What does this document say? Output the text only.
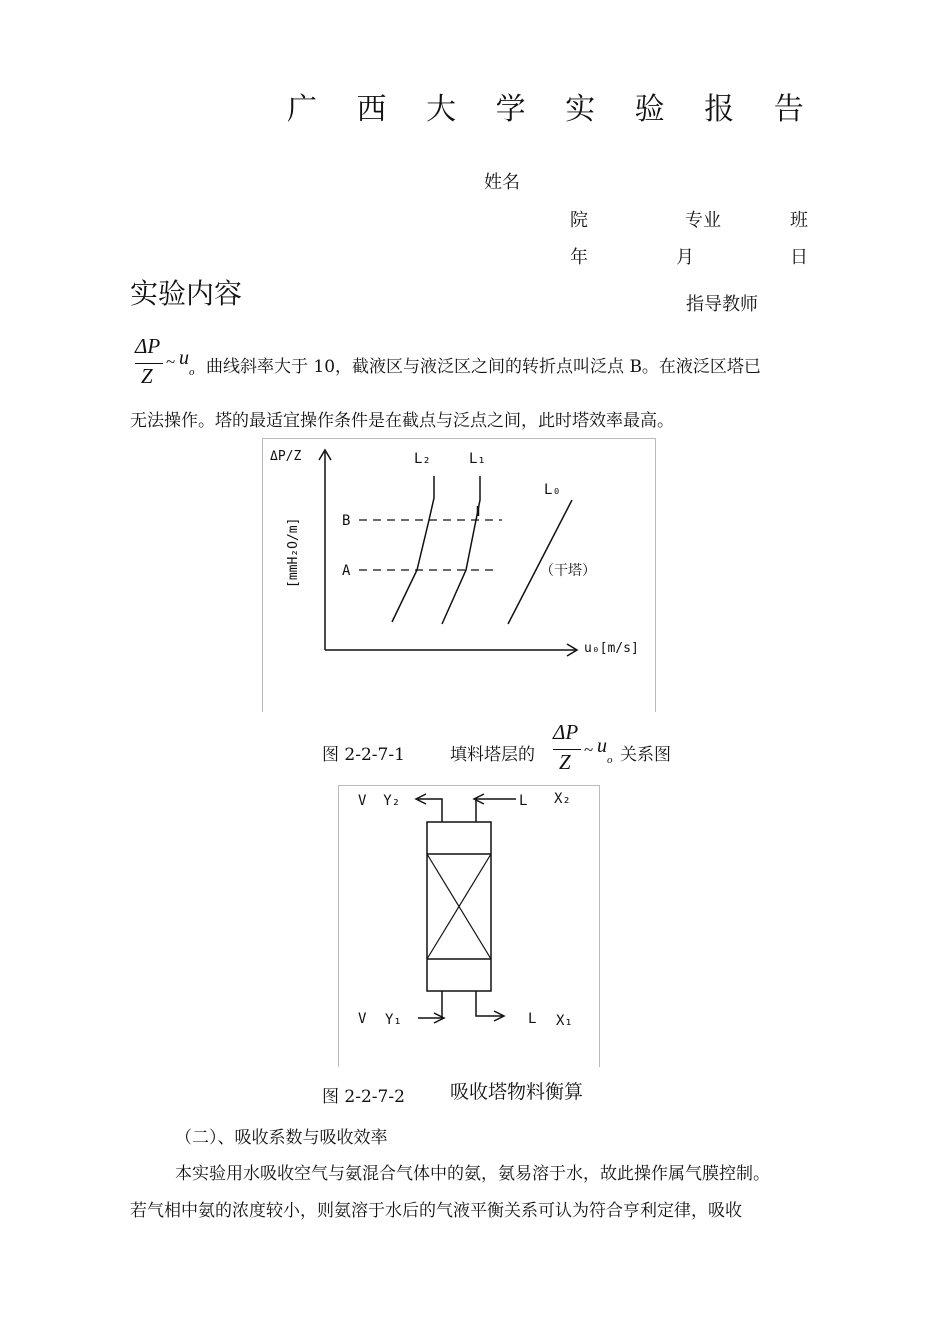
广 西 大 学 实 验 报 告
姓名
院	专业	班
年	月	日
实验内容	指导教师
ΔP
Z
~ $u_o$ 曲线斜率大于 10，截液区与液泛区之间的转折点叫泛点 B。在液泛区塔已
无法操作。塔的最适宜操作条件是在截点与泛点之间，此时塔效率最高。
ΔP/Z
[mmH₂O/m]
L₂	L₁
L₀
B
A	（干塔）
u₀[m/s]
图 2-2-7-1	填料塔层的
ΔP
Z
~ $u_o$ 关系图
V  Y₂	L X₂
V Y₁	L X₁
图 2-2-7-2 吸收塔物料衡算
（二）、吸收系数与吸收效率
本实验用水吸收空气与氨混合气体中的氨，氨易溶于水，故此操作属气膜控制。
若气相中氨的浓度较小，则氨溶于水后的气液平衡关系可认为符合亨利定律，吸收
